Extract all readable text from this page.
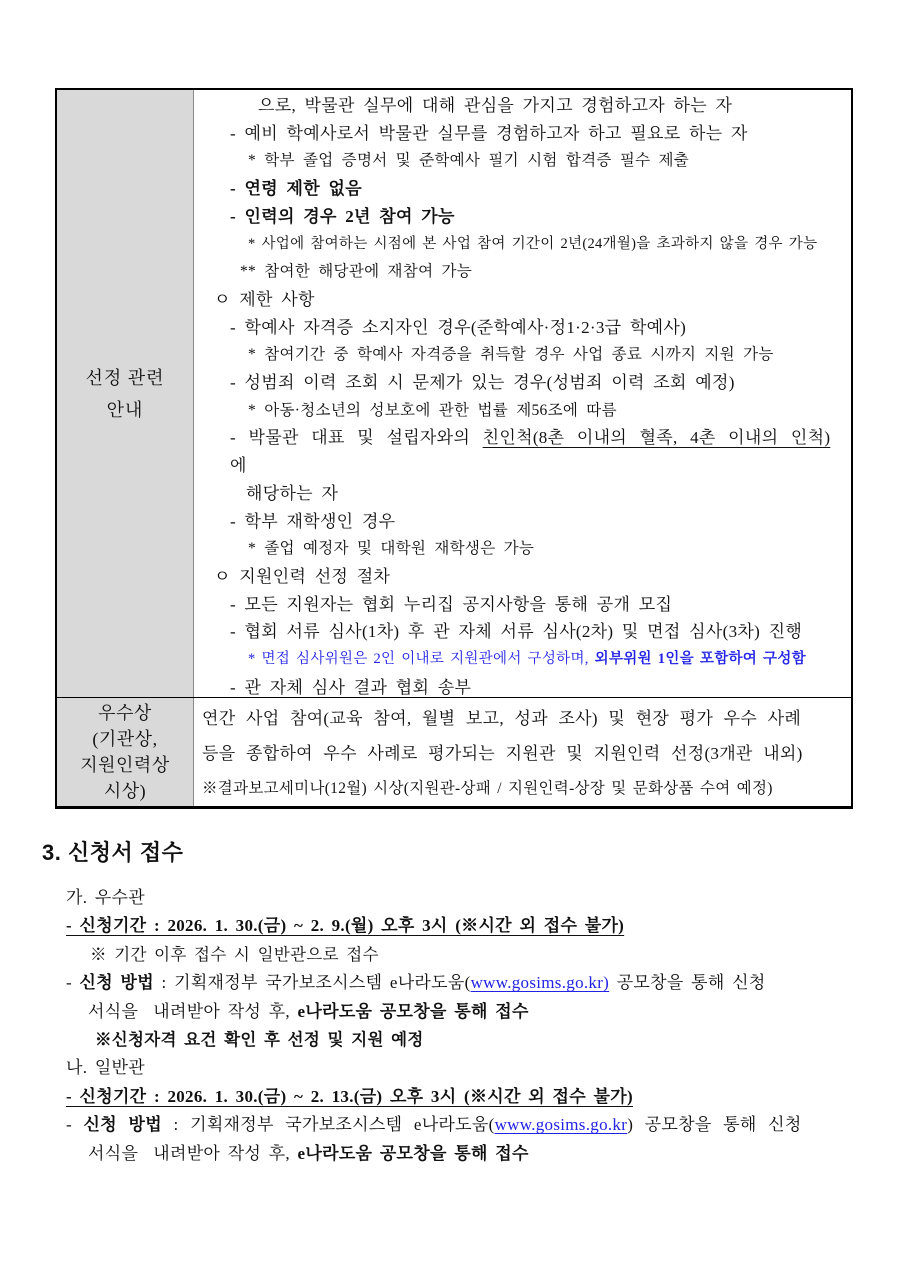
선정 관련
안내
으로, 박물관 실무에 대해 관심을 가지고 경험하고자 하는 자
- 예비 학예사로서 박물관 실무를 경험하고자 하고 필요로 하는 자
* 학부 졸업 증명서 및 준학예사 필기 시험 합격증 필수 제출
- 연령 제한 없음
- 인력의 경우 2년 참여 가능
* 사업에 참여하는 시점에 본 사업 참여 기간이 2년(24개월)을 초과하지 않을 경우 가능
** 참여한 해당관에 재참여 가능
ㅇ 제한 사항
- 학예사 자격증 소지자인 경우(준학예사·정1·2·3급 학예사)
* 참여기간 중 학예사 자격증을 취득할 경우 사업 종료 시까지 지원 가능
- 성범죄 이력 조회 시 문제가 있는 경우(성범죄 이력 조회 예정)
* 아동·청소년의 성보호에 관한 법률 제56조에 따름
- 박물관 대표 및 설립자와의 친인척(8촌 이내의 혈족, 4촌 이내의 인척)에
해당하는 자
- 학부 재학생인 경우
* 졸업 예정자 및 대학원 재학생은 가능
ㅇ 지원인력 선정 절차
- 모든 지원자는 협회 누리집 공지사항을 통해 공개 모집
- 협회 서류 심사(1차) 후 관 자체 서류 심사(2차) 및 면접 심사(3차) 진행
* 면접 심사위원은 2인 이내로 지원관에서 구성하며, 외부위원 1인을 포함하여 구성함
- 관 자체 심사 결과 협회 송부
우수상
(기관상,
지원인력상
시상)
연간 사업 참여(교육 참여, 월별 보고, 성과 조사) 및 현장 평가 우수 사례
등을 종합하여 우수 사례로 평가되는 지원관 및 지원인력 선정(3개관 내외)
※결과보고세미나(12월) 시상(지원관-상패 / 지원인력-상장 및 문화상품 수여 예정)
3. 신청서 접수
가. 우수관
- 신청기간 : 2026. 1. 30.(금) ~ 2. 9.(월) 오후 3시 (※시간 외 접수 불가)
※ 기간 이후 접수 시 일반관으로 접수
- 신청 방법 : 기획재정부 국가보조시스템 e나라도움(www.gosims.go.kr) 공모창을 통해 신청
서식을  내려받아 작성 후, e나라도움 공모창을 통해 접수
※신청자격 요건 확인 후 선정 및 지원 예정
나. 일반관
- 신청기간 : 2026. 1. 30.(금) ~ 2. 13.(금) 오후 3시 (※시간 외 접수 불가)
- 신청 방법 : 기획재정부 국가보조시스템 e나라도움(www.gosims.go.kr) 공모창을 통해 신청
서식을  내려받아 작성 후, e나라도움 공모창을 통해 접수
